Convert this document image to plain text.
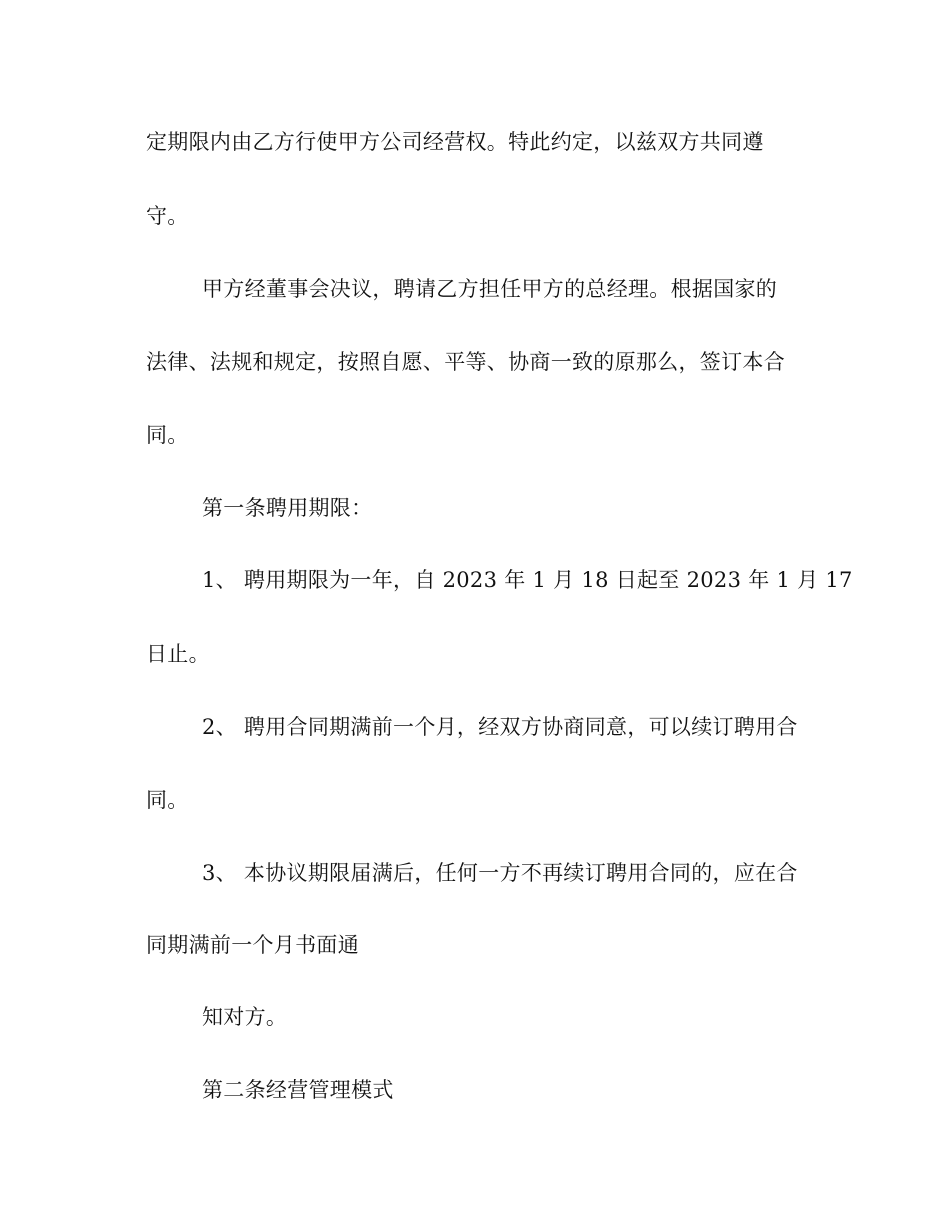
定期限内由乙方行使甲方公司经营权。特此约定，以兹双方共同遵
守。
甲方经董事会决议，聘请乙方担任甲方的总经理。根据国家的
法律、法规和规定，按照自愿、平等、协商一致的原那么，签订本合
同。
第一条聘用期限：
1、 聘用期限为一年，自 2023 年 1 月 18 日起至 2023 年 1 月 17
日止。
2、 聘用合同期满前一个月，经双方协商同意，可以续订聘用合
同。
3、 本协议期限届满后，任何一方不再续订聘用合同的，应在合
同期满前一个月书面通
知对方。
第二条经营管理模式
